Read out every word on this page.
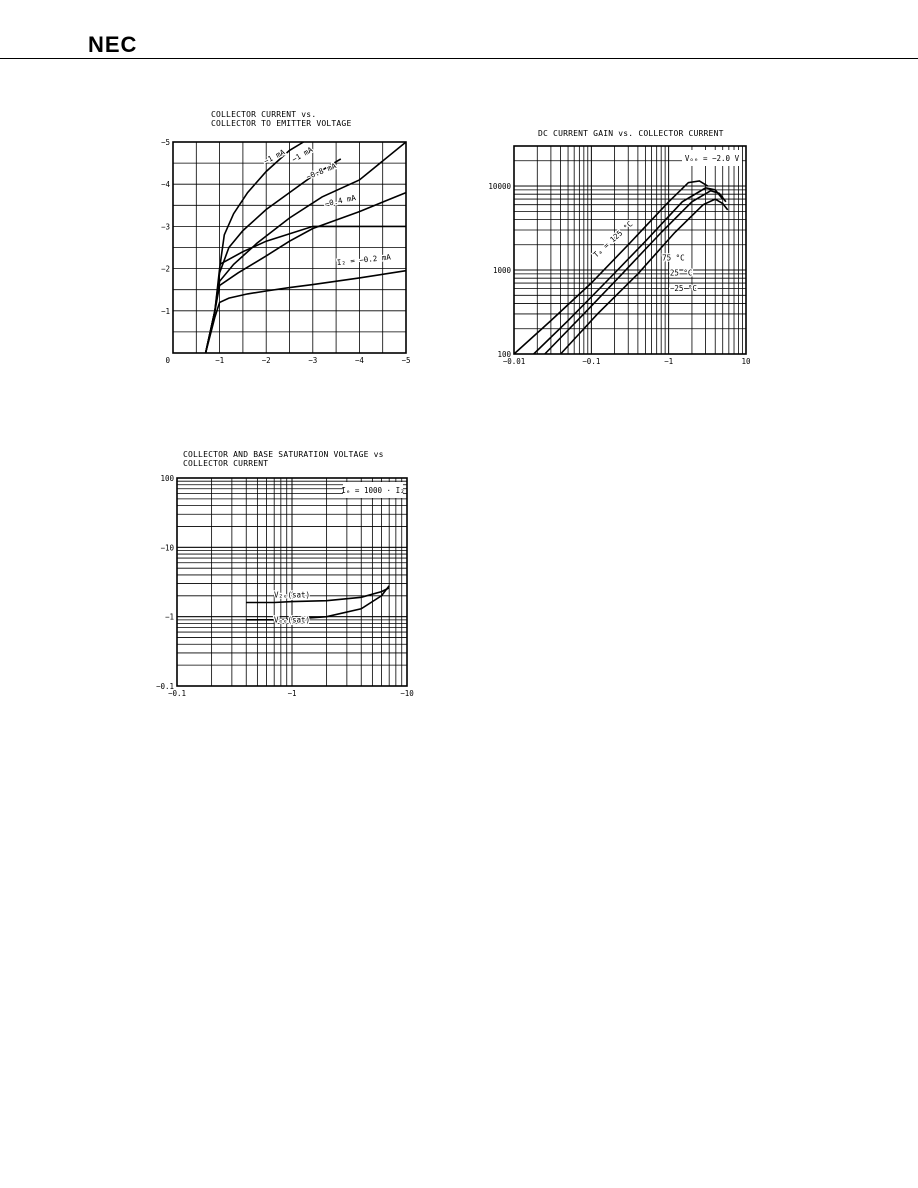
NEC
COLLECTOR CURRENT vs.
COLLECTOR TO EMITTER VOLTAGE
−1	−2	−3	−4	−5
−1
−2
−3
−4
−5
0
−1 mA −1 mA
−0.8 mA
−0.4 mA
I₂ = −0.2 mA
DC CURRENT GAIN vs. COLLECTOR CURRENT
−0.01	−0.1	−1	10
100
1000
10000
Tₐ = 125 °C	75 °C
25 °C
−25 °C
Vₒₑ = −2.0 V
COLLECTOR AND BASE SATURATION VOLTAGE vs
COLLECTOR CURRENT
−0.1	−1	−10
−0.1
−1
−10
100
V₂ₑ(sat)
Vₑₑ(sat)
Iₑ = 1000 · I₂
